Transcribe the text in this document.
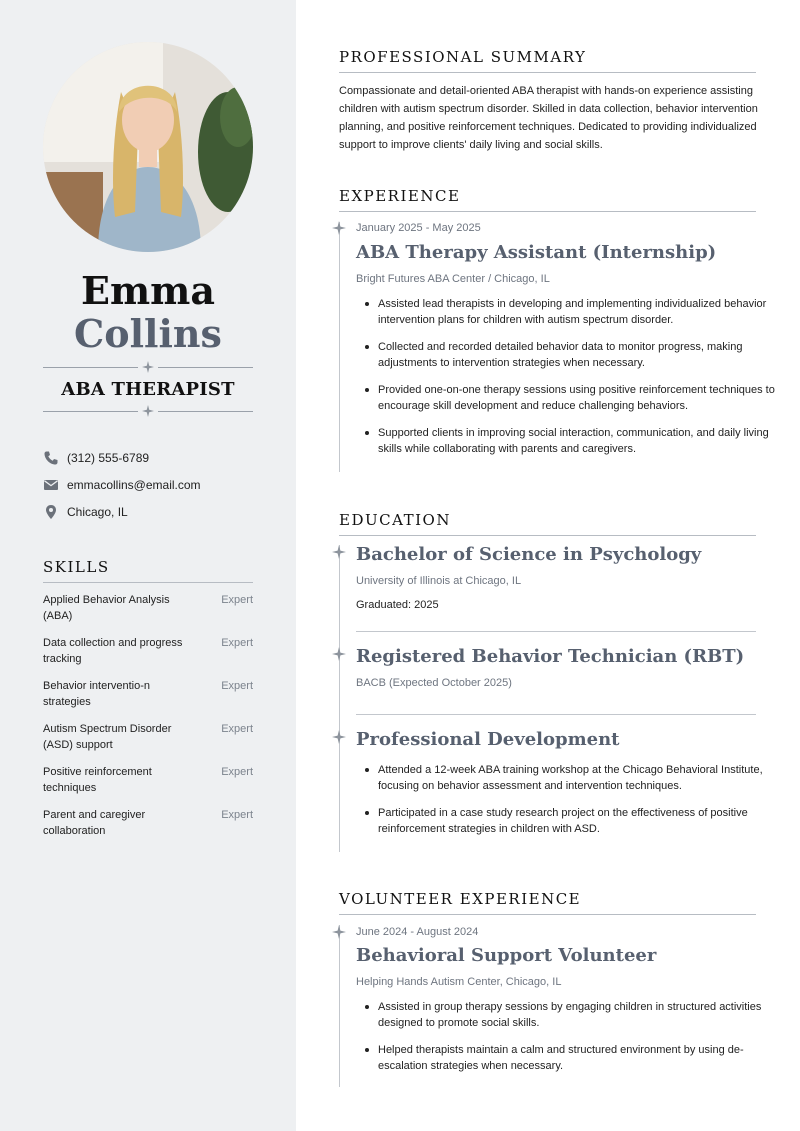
Emma
Collins
ABA THERAPIST
(312) 555-6789
emmacollins@email.com
Chicago, IL
SKILLS
Applied Behavior Analysis (ABA)
Expert
Data collection and progress tracking
Expert
Behavior interventio-n strategies
Expert
Autism Spectrum Disorder (ASD) support
Expert
Positive reinforcement techniques
Expert
Parent and caregiver collaboration
Expert
PROFESSIONAL SUMMARY

Compassionate and detail-oriented ABA therapist with hands-on experience assisting children with autism spectrum disorder. Skilled in data collection, behavior intervention planning, and positive reinforcement techniques. Dedicated to providing individualized support to improve clients' daily living and social skills.

EXPERIENCE
January 2025 - May 2025
ABA Therapy Assistant (Internship)
Bright Futures ABA Center / Chicago, IL
Assisted lead therapists in developing and implementing individualized behavior intervention plans for children with autism spectrum disorder.
Collected and recorded detailed behavior data to monitor progress, making adjustments to intervention strategies when necessary.
Provided one-on-one therapy sessions using positive reinforcement techniques to encourage skill development and reduce challenging behaviors.
Supported clients in improving social interaction, communication, and daily living skills while collaborating with parents and caregivers.
EDUCATION
Bachelor of Science in Psychology
University of Illinois at Chicago, IL
Graduated: 2025
Registered Behavior Technician (RBT)
BACB (Expected October 2025)
Professional Development
Attended a 12-week ABA training workshop at the Chicago Behavioral Institute, focusing on behavior assessment and intervention techniques.
Participated in a case study research project on the effectiveness of positive reinforcement strategies in children with ASD.
VOLUNTEER EXPERIENCE
June 2024 - August 2024
Behavioral Support Volunteer
Helping Hands Autism Center, Chicago, IL
Assisted in group therapy sessions by engaging children in structured activities designed to promote social skills.
Helped therapists maintain a calm and structured environment by using de-escalation strategies when necessary.
